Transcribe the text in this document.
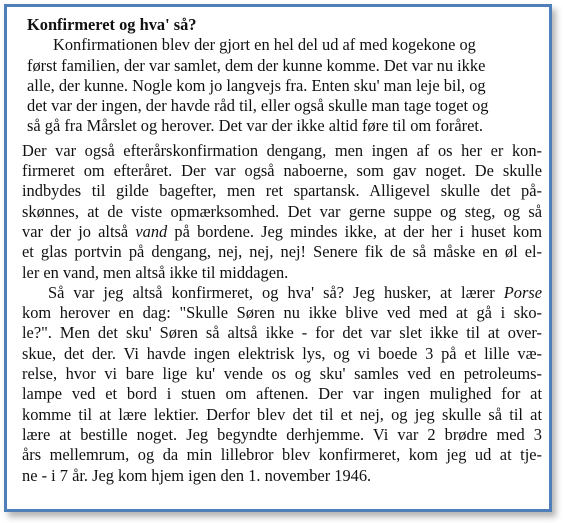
Konfirmeret og hva' så?

Konfirmationen blev der gjort en hel del ud af med kogekone og

først familien, der var samlet, dem der kunne komme. Det var nu ikke

alle, der kunne. Nogle kom jo langvejs fra. Enten sku' man leje bil, og

det var der ingen, der havde råd til, eller også skulle man tage toget og

så gå fra Mårslet og herover. Det var der ikke altid føre til om foråret.

Der var også efterårskonfirmation dengang, men ingen af os her er kon-

firmeret om efteråret. Der var også naboerne, som gav noget. De skulle

indbydes til gilde bagefter, men ret spartansk. Alligevel skulle det på-

skønnes, at de viste opmærksomhed. Det var gerne suppe og steg, og så

var der jo altså vand på bordene. Jeg mindes ikke, at der her i huset kom

et glas portvin på dengang, nej, nej, nej! Senere fik de så måske en øl el-

ler en vand, men altså ikke til middagen.

Så var jeg altså konfirmeret, og hva' så? Jeg husker, at lærer Porse

kom herover en dag: "Skulle Søren nu ikke blive ved med at gå i sko-

le?". Men det sku' Søren så altså ikke - for det var slet ikke til at over-

skue, det der. Vi havde ingen elektrisk lys, og vi boede 3 på et lille væ-

relse, hvor vi bare lige ku' vende os og sku' samles ved en petroleums-

lampe ved et bord i stuen om aftenen. Der var ingen mulighed for at

komme til at lære lektier. Derfor blev det til et nej, og jeg skulle så til at

lære at bestille noget. Jeg begyndte derhjemme. Vi var 2 brødre med 3

års mellemrum, og da min lillebror blev konfirmeret, kom jeg ud at tje-

ne - i 7 år. Jeg kom hjem igen den 1. november 1946.
